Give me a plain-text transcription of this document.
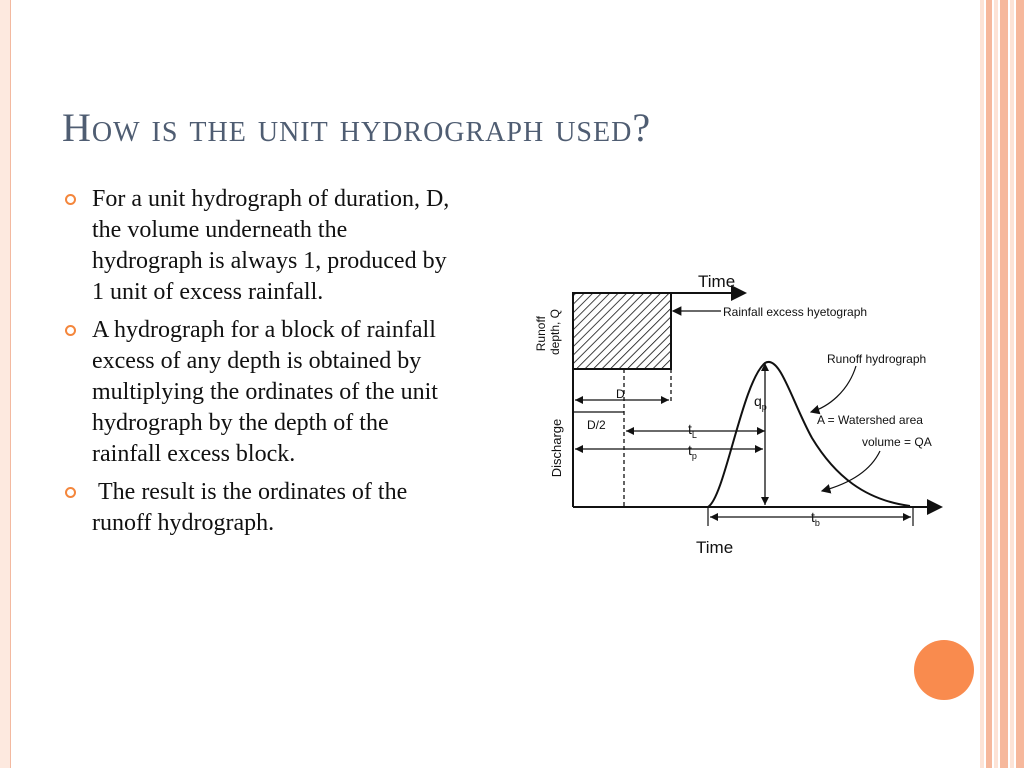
How is the unit hydrograph used?
For a unit hydrograph of duration, D, the volume underneath the hydrograph is always 1, produced by 1 unit of excess rainfall.
A hydrograph for a block of rainfall excess of any depth is obtained by multiplying the ordinates of the unit hydrograph by the depth of the rainfall excess block.
The result is the ordinates of the runoff hydrograph.
Time
Rainfall excess hyetograph
Runoff depth, Q
Discharge
Time
D
D/2	$t_L$
$t_p$
$q_p$
Runoff hydrograph
A = Watershed area
volume = QA
$t_b$
